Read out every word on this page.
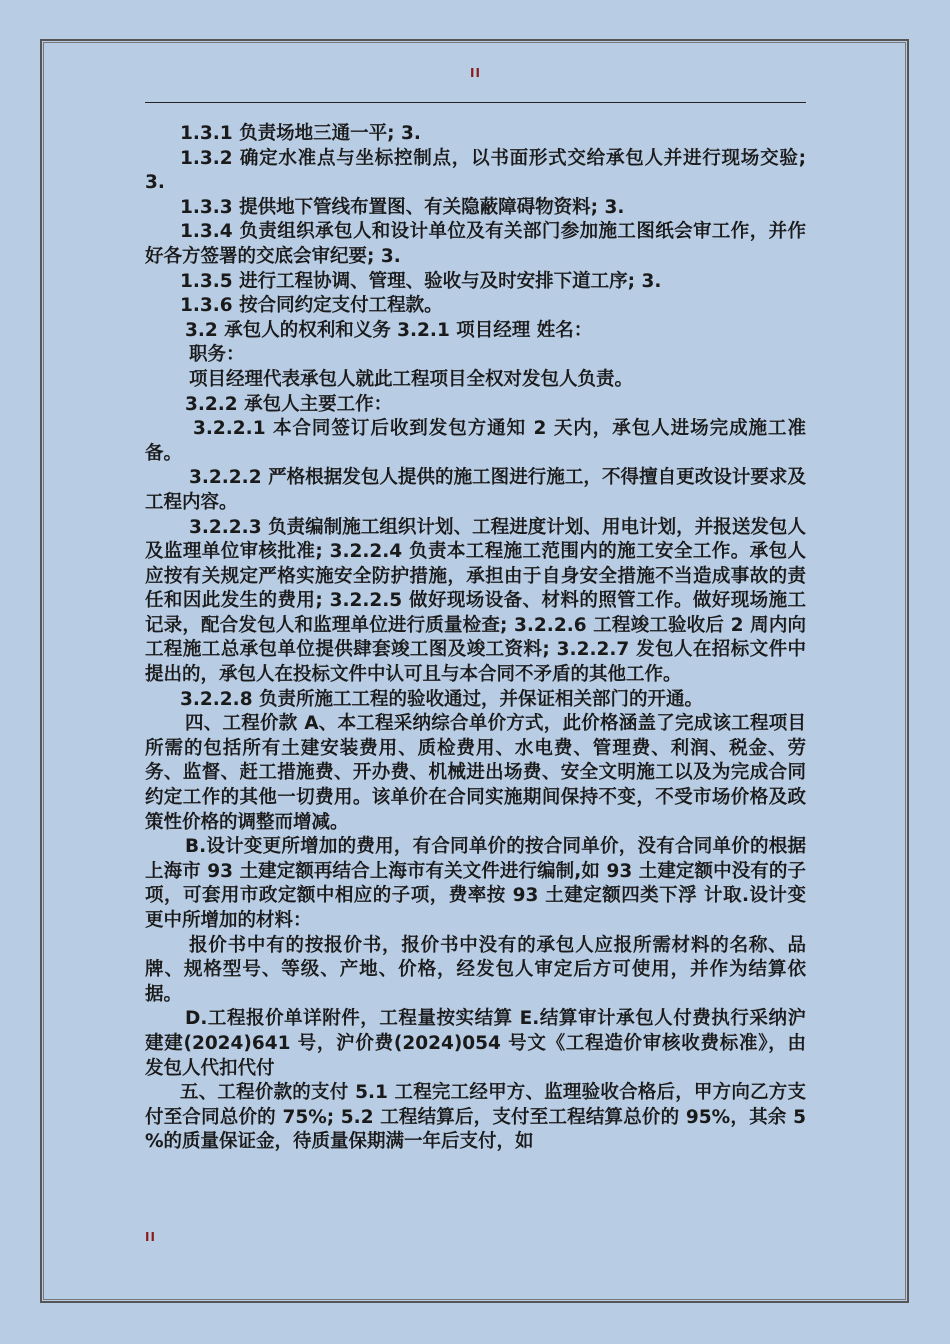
II

1.3.1 负责场地三通一平; 3.

1.3.2 确定水准点与坐标控制点，以书面形式交给承包人并进行现场交验; 3.

1.3.3 提供地下管线布置图、有关隐蔽障碍物资料; 3.

1.3.4 负责组织承包人和设计单位及有关部门参加施工图纸会审工作，并作好各方签署的交底会审纪要; 3.

1.3.5 进行工程协调、管理、验收与及时安排下道工序; 3.

1.3.6 按合同约定支付工程款。

3.2 承包人的权利和义务 3.2.1 项目经理 姓名：

职务：

项目经理代表承包人就此工程项目全权对发包人负责。

3.2.2 承包人主要工作：

3.2.2.1 本合同签订后收到发包方通知 2 天内，承包人进场完成施工准备。

3.2.2.2 严格根据发包人提供的施工图进行施工，不得擅自更改设计要求及工程内容。

3.2.2.3 负责编制施工组织计划、工程进度计划、用电计划，并报送发包人及监理单位审核批准; 3.2.2.4 负责本工程施工范围内的施工安全工作。承包人应按有关规定严格实施安全防护措施，承担由于自身安全措施不当造成事故的责任和因此发生的费用; 3.2.2.5 做好现场设备、材料的照管工作。做好现场施工记录，配合发包人和监理单位进行质量检查; 3.2.2.6 工程竣工验收后 2 周内向工程施工总承包单位提供肆套竣工图及竣工资料; 3.2.2.7 发包人在招标文件中提出的，承包人在投标文件中认可且与本合同不矛盾的其他工作。

3.2.2.8 负责所施工工程的验收通过，并保证相关部门的开通。

四、工程价款 A、本工程采纳综合单价方式，此价格涵盖了完成该工程项目所需的包括所有土建安装费用、质检费用、水电费、管理费、利润、税金、劳务、监督、赶工措施费、开办费、机械进出场费、安全文明施工以及为完成合同约定工作的其他一切费用。该单价在合同实施期间保持不变，不受市场价格及政策性价格的调整而增减。

B.设计变更所增加的费用，有合同单价的按合同单价，没有合同单价的根据上海市 93 土建定额再结合上海市有关文件进行编制,如 93 土建定额中没有的子项，可套用市政定额中相应的子项，费率按 93 土建定额四类下浮 计取.设计变更中所增加的材料：

报价书中有的按报价书，报价书中没有的承包人应报所需材料的名称、品牌、规格型号、等级、产地、价格，经发包人审定后方可使用，并作为结算依据。

D.工程报价单详附件，工程量按实结算 E.结算审计承包人付费执行采纳沪建建(2024)641 号，沪价费(2024)054 号文《工程造价审核收费标准》，由发包人代扣代付

五、工程价款的支付 5.1 工程完工经甲方、监理验收合格后，甲方向乙方支付至合同总价的 75%; 5.2 工程结算后，支付至工程结算总价的 95%，其余 5 %的质量保证金，待质量保期满一年后支付，如

II
